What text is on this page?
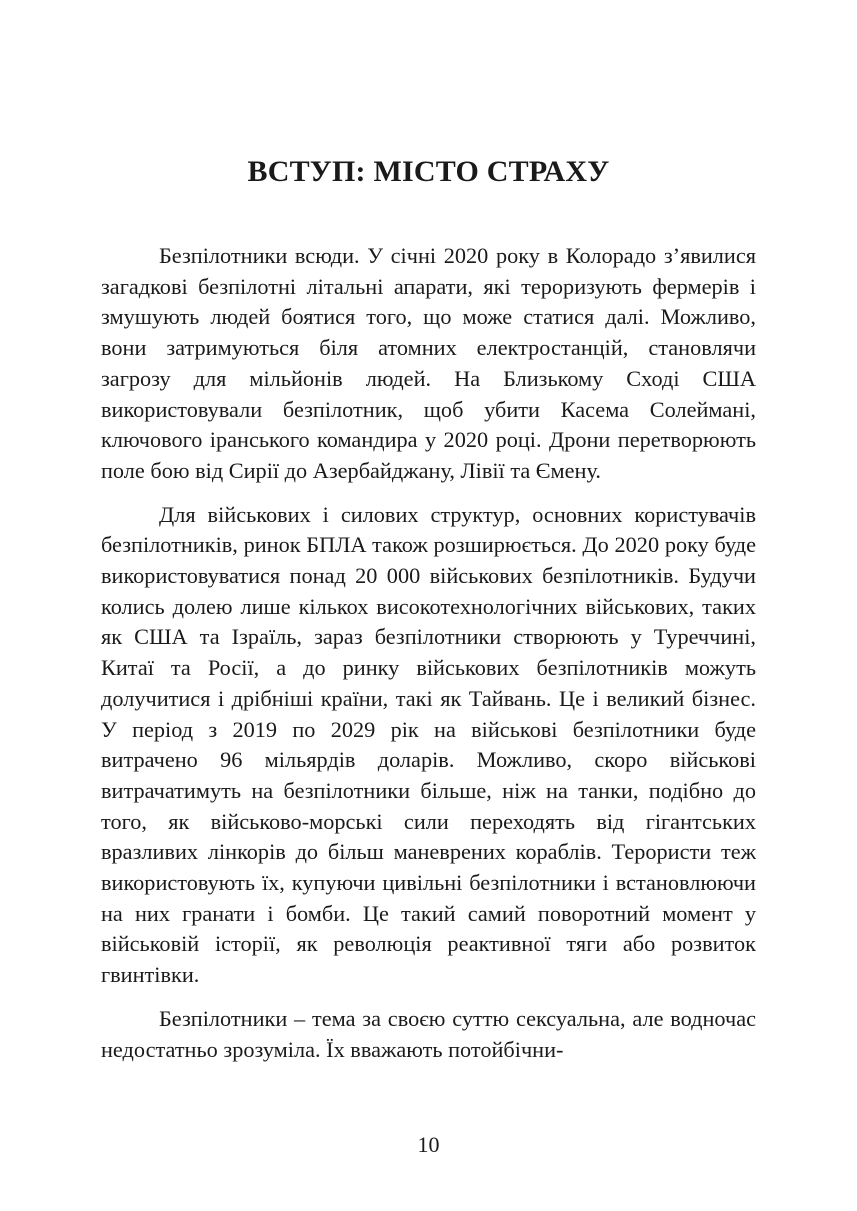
ВСТУП: МІСТО СТРАХУ

Безпілотники всюди. У січні 2020 року в Колорадо з’явилися загадкові безпілотні літальні апарати, які тероризують фермерів і змушують людей боятися того, що може статися далі. Можливо, вони затримуються біля атомних електростанцій, становлячи загрозу для мільйонів людей. На Близькому Сході США використовували безпілотник, щоб убити Касема Солеймані, ключового іранського командира у 2020 році. Дрони перетворюють поле бою від Сирії до Азербайджану, Лівії та Ємену.

Для військових і силових структур, основних користувачів безпілотників, ринок БПЛА також розширюється. До 2020 року буде використовуватися понад 20 000 військових безпілотників. Будучи колись долею лише кількох високотехнологічних військових, таких як США та Ізраїль, зараз безпілотники створюють у Туреччині, Китаї та Росії, а до ринку військових безпілотників можуть долучитися і дрібніші країни, такі як Тайвань. Це і великий бізнес. У період з 2019 по 2029 рік на військові безпілотники буде витрачено 96 мільярдів доларів. Можливо, скоро військові витрачатимуть на безпілотники більше, ніж на танки, подібно до того, як військово-морські сили переходять від гігантських вразливих лінкорів до більш маневрених кораблів. Терористи теж використовують їх, купуючи цивільні безпілотники і встановлюючи на них гранати і бомби. Це такий самий поворотний момент у військовій історії, як революція реактивної тяги або розвиток гвинтівки.

Безпілотники – тема за своєю суттю сексуальна, але водночас недостатньо зрозуміла. Їх вважають потойбічни-

10
